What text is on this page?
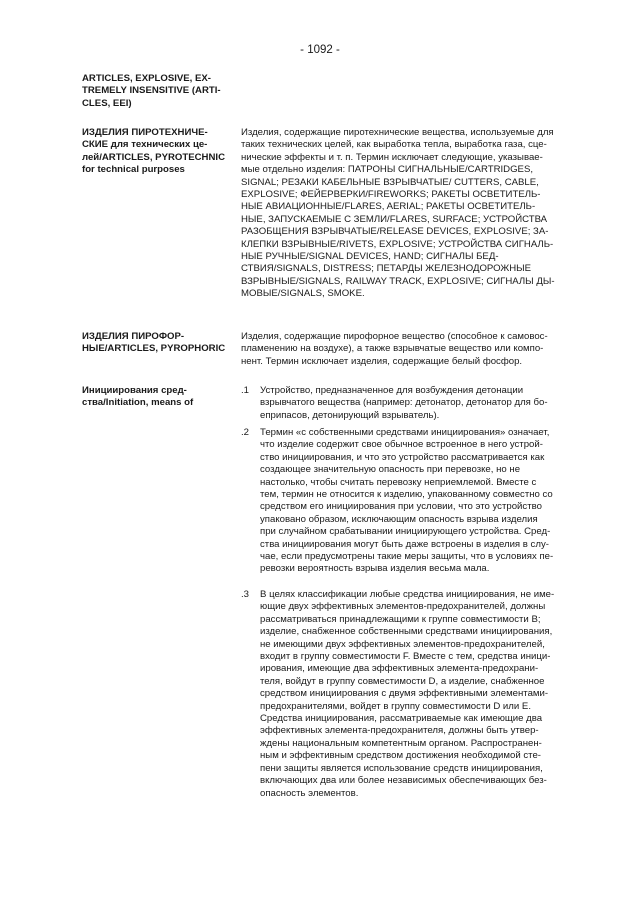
- 1092 -
ARTICLES, EXPLOSIVE, EX-
TREMELY INSENSITIVE (ARTI-
CLES, EEI)
ИЗДЕЛИЯ ПИРОТЕХНИЧЕ-
СКИЕ для технических це-
лей/ARTICLES, PYROTECHNIC
for technical purposes
Изделия, содержащие пиротехнические вещества, используемые для
таких технических целей, как выработка тепла, выработка газа, сце-
нические эффекты и т. п. Термин исключает следующие, указывае-
мые отдельно изделия: ПАТРОНЫ СИГНАЛЬНЫЕ/CARTRIDGES,
SIGNAL; РЕЗАКИ КАБЕЛЬНЫЕ ВЗРЫВЧАТЫЕ/ CUTTERS, CABLE,
EXPLOSIVE; ФЕЙЕРВЕРКИ/FIREWORKS; РАКЕТЫ ОСВЕТИТЕЛЬ-
НЫЕ АВИАЦИОННЫЕ/FLARES, AERIAL; РАКЕТЫ ОСВЕТИТЕЛЬ-
НЫЕ, ЗАПУСКАЕМЫЕ С ЗЕМЛИ/FLARES, SURFACE; УСТРОЙСТВА
РАЗОБЩЕНИЯ ВЗРЫВЧАТЫЕ/RELEASE DEVICES, EXPLOSIVE; ЗА-
КЛЕПКИ ВЗРЫВНЫЕ/RIVETS, EXPLOSIVE; УСТРОЙСТВА СИГНАЛЬ-
НЫЕ РУЧНЫЕ/SIGNAL DEVICES, HAND; СИГНАЛЫ БЕД-
СТВИЯ/SIGNALS, DISTRESS; ПЕТАРДЫ ЖЕЛЕЗНОДОРОЖНЫЕ
ВЗРЫВНЫЕ/SIGNALS, RAILWAY TRACK, EXPLOSIVE; СИГНАЛЫ ДЫ-
МОВЫЕ/SIGNALS, SMOKE.
ИЗДЕЛИЯ ПИРОФОР-
НЫЕ/ARTICLES, PYROPHORIC
Изделия, содержащие пирофорное вещество (способное к самовос-
пламенению на воздухе), а также взрывчатые вещество или компо-
нент. Термин исключает изделия, содержащие белый фосфор.
Инициирования сред-
ства/Initiation, means of
.1 Устройство, предназначенное для возбуждения детонации
взрывчатого вещества (например: детонатор, детонатор для бо-
еприпасов, детонирующий взрыватель).
.2 Термин «с собственными средствами инициирования» означает,
что изделие содержит свое обычное встроенное в него устрой-
ство инициирования, и что это устройство рассматривается как
создающее значительную опасность при перевозке, но не
настолько, чтобы считать перевозку неприемлемой. Вместе с
тем, термин не относится к изделию, упакованному совместно со
средством его инициирования при условии, что это устройство
упаковано образом, исключающим опасность взрыва изделия
при случайном срабатывании инициирующего устройства. Сред-
ства инициирования могут быть даже встроены в изделия в слу-
чае, если предусмотрены такие меры защиты, что в условиях пе-
ревозки вероятность взрыва изделия весьма мала.
.3 В целях классификации любые средства инициирования, не име-
ющие двух эффективных элементов-предохранителей, должны
рассматриваться принадлежащими к группе совместимости B;
изделие, снабженное собственными средствами инициирования,
не имеющими двух эффективных элементов-предохранителей,
входит в группу совместимости F. Вместе с тем, средства иници-
ирования, имеющие два эффективных элемента-предохрани-
теля, войдут в группу совместимости D, а изделие, снабженное
средством инициирования с двумя эффективными элементами-
предохранителями, войдет в группу совместимости D или E.
Средства инициирования, рассматриваемые как имеющие два
эффективных элемента-предохранителя, должны быть утвер-
ждены национальным компетентным органом. Распространен-
ным и эффективным средством достижения необходимой сте-
пени защиты является использование средств инициирования,
включающих два или более независимых обеспечивающих без-
опасность элементов.
